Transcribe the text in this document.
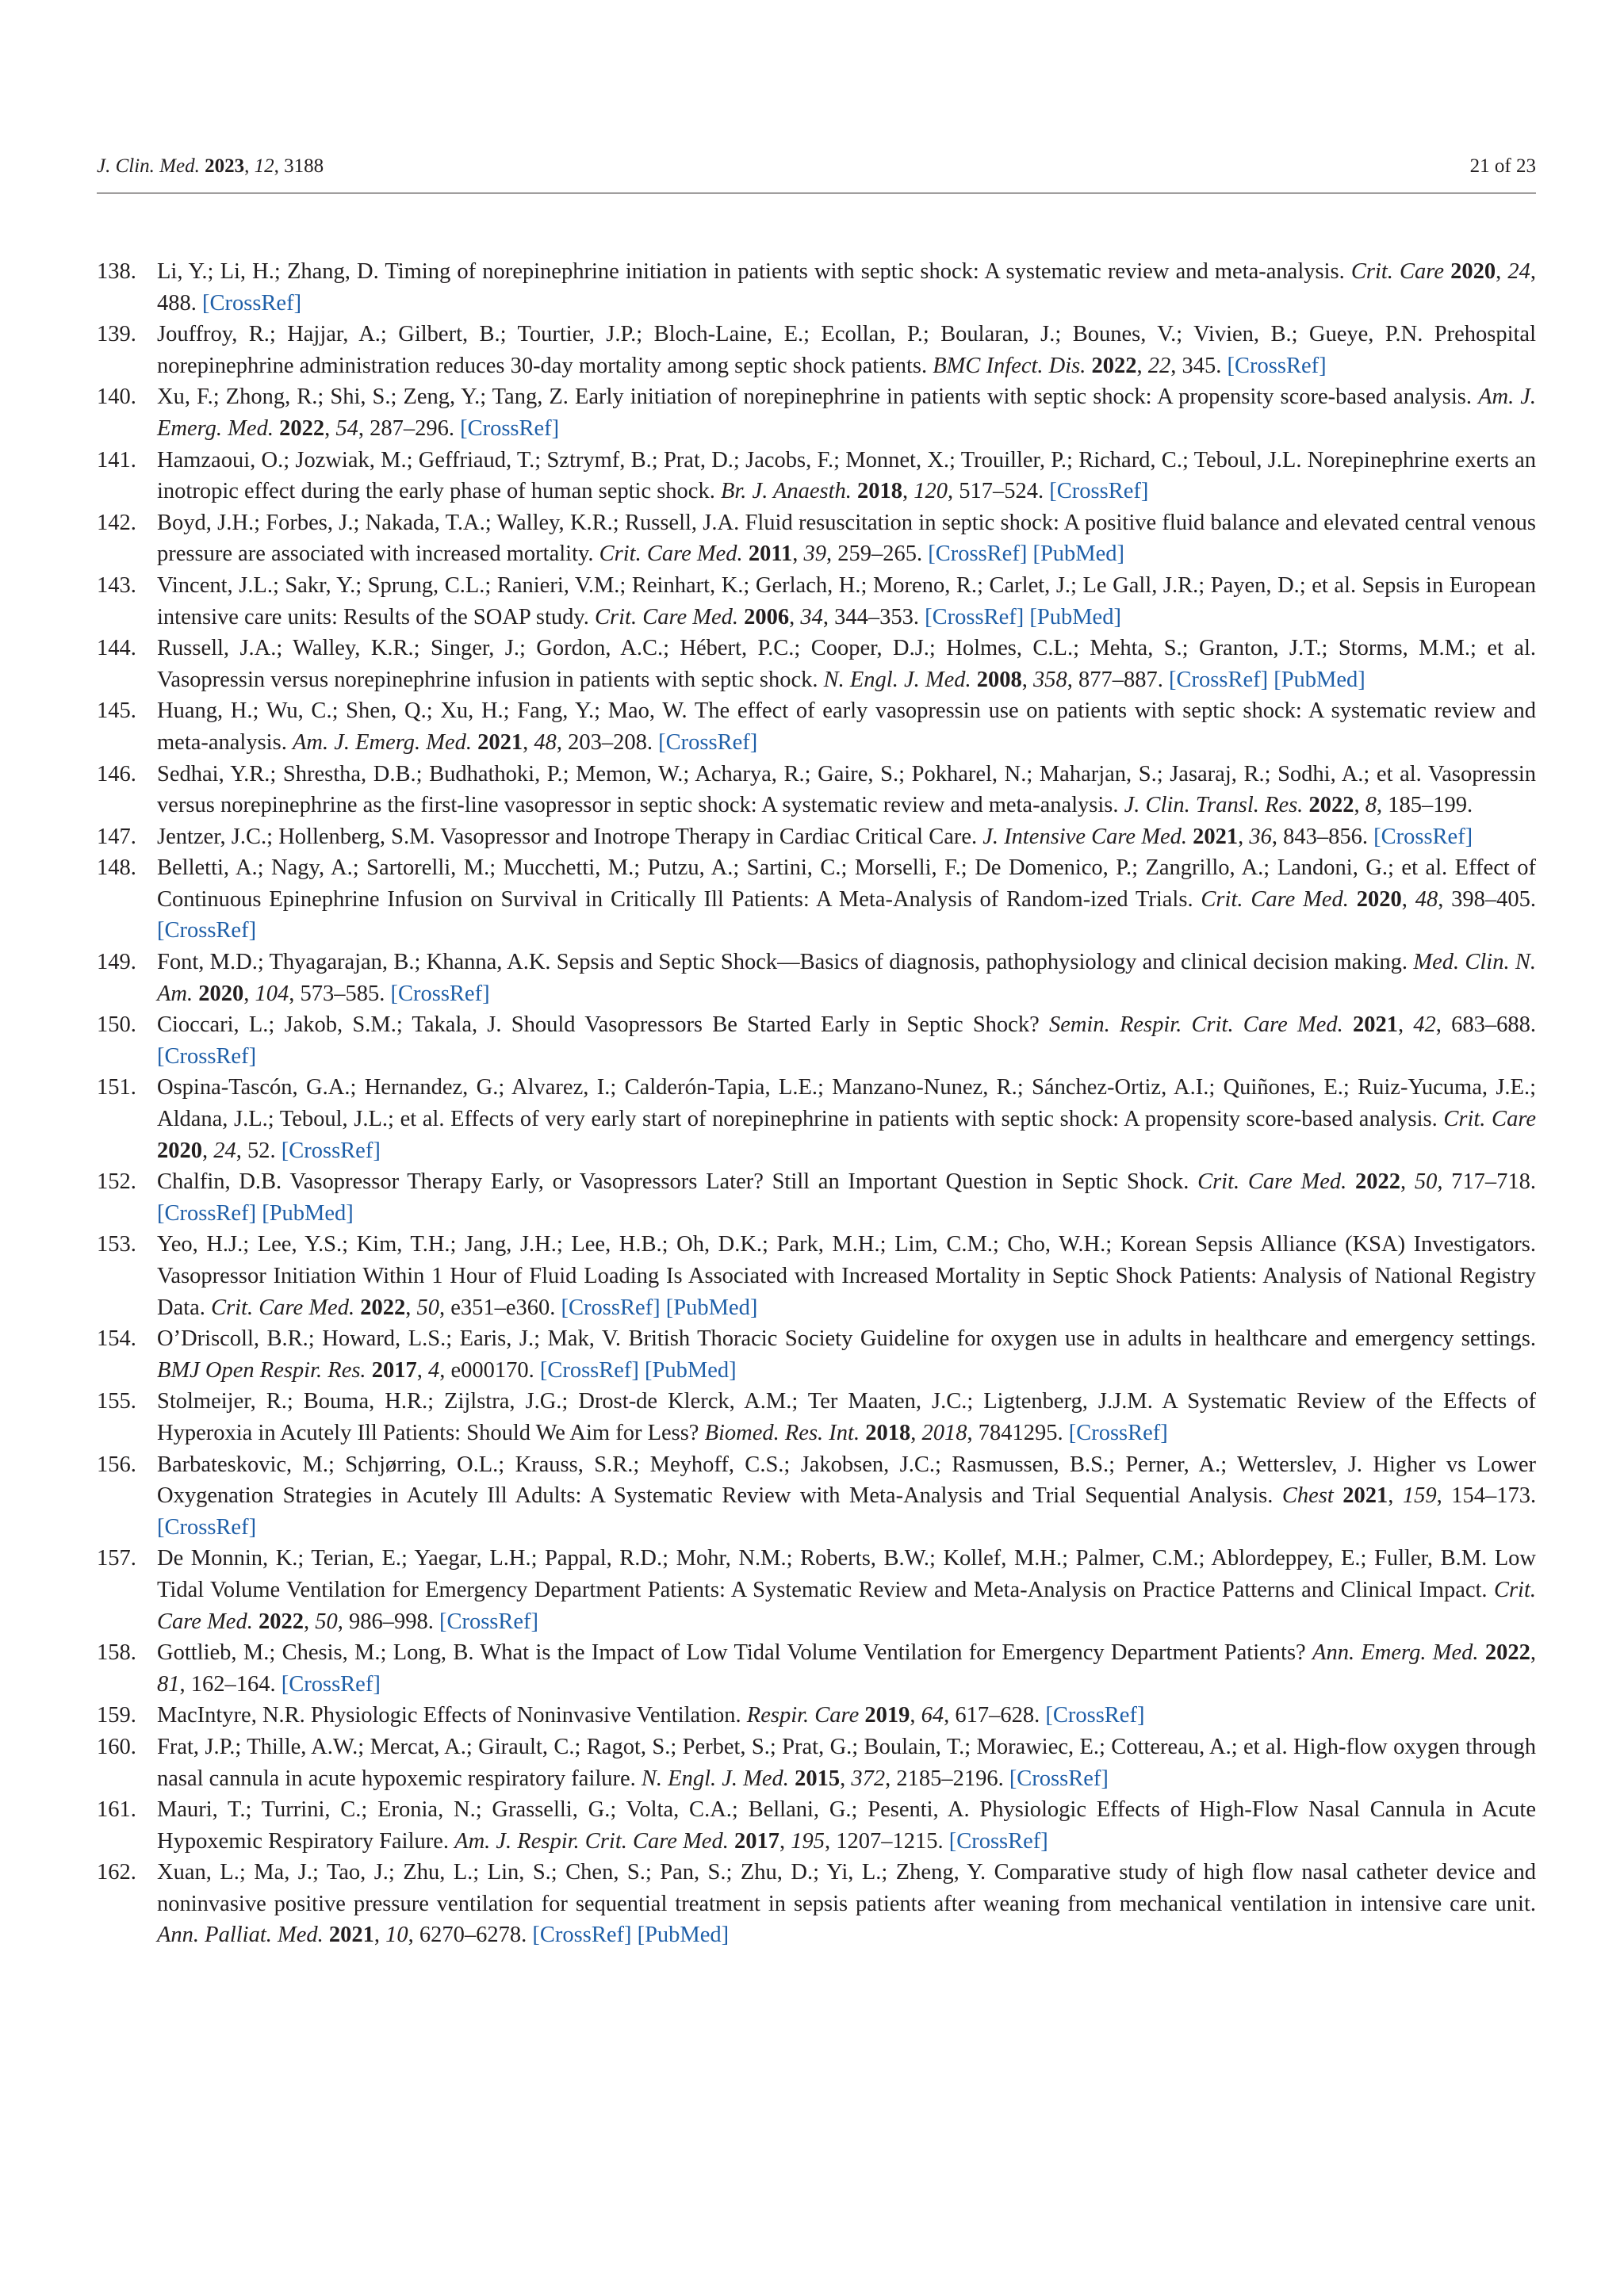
J. Clin. Med. 2023, 12, 3188	21 of 23
138. Li, Y.; Li, H.; Zhang, D. Timing of norepinephrine initiation in patients with septic shock: A systematic review and meta-analysis. Crit. Care 2020, 24, 488. [CrossRef]
139. Jouffroy, R.; Hajjar, A.; Gilbert, B.; Tourtier, J.P.; Bloch-Laine, E.; Ecollan, P.; Boularan, J.; Bounes, V.; Vivien, B.; Gueye, P.N. Prehospital norepinephrine administration reduces 30-day mortality among septic shock patients. BMC Infect. Dis. 2022, 22, 345. [CrossRef]
140. Xu, F.; Zhong, R.; Shi, S.; Zeng, Y.; Tang, Z. Early initiation of norepinephrine in patients with septic shock: A propensity score-based analysis. Am. J. Emerg. Med. 2022, 54, 287–296. [CrossRef]
141. Hamzaoui, O.; Jozwiak, M.; Geffriaud, T.; Sztrymf, B.; Prat, D.; Jacobs, F.; Monnet, X.; Trouiller, P.; Richard, C.; Teboul, J.L. Norepinephrine exerts an inotropic effect during the early phase of human septic shock. Br. J. Anaesth. 2018, 120, 517–524. [CrossRef]
142. Boyd, J.H.; Forbes, J.; Nakada, T.A.; Walley, K.R.; Russell, J.A. Fluid resuscitation in septic shock: A positive fluid balance and elevated central venous pressure are associated with increased mortality. Crit. Care Med. 2011, 39, 259–265. [CrossRef] [PubMed]
143. Vincent, J.L.; Sakr, Y.; Sprung, C.L.; Ranieri, V.M.; Reinhart, K.; Gerlach, H.; Moreno, R.; Carlet, J.; Le Gall, J.R.; Payen, D.; et al. Sepsis in European intensive care units: Results of the SOAP study. Crit. Care Med. 2006, 34, 344–353. [CrossRef] [PubMed]
144. Russell, J.A.; Walley, K.R.; Singer, J.; Gordon, A.C.; Hébert, P.C.; Cooper, D.J.; Holmes, C.L.; Mehta, S.; Granton, J.T.; Storms, M.M.; et al. Vasopressin versus norepinephrine infusion in patients with septic shock. N. Engl. J. Med. 2008, 358, 877–887. [CrossRef] [PubMed]
145. Huang, H.; Wu, C.; Shen, Q.; Xu, H.; Fang, Y.; Mao, W. The effect of early vasopressin use on patients with septic shock: A systematic review and meta-analysis. Am. J. Emerg. Med. 2021, 48, 203–208. [CrossRef]
146. Sedhai, Y.R.; Shrestha, D.B.; Budhathoki, P.; Memon, W.; Acharya, R.; Gaire, S.; Pokharel, N.; Maharjan, S.; Jasaraj, R.; Sodhi, A.; et al. Vasopressin versus norepinephrine as the first-line vasopressor in septic shock: A systematic review and meta-analysis. J. Clin. Transl. Res. 2022, 8, 185–199.
147. Jentzer, J.C.; Hollenberg, S.M. Vasopressor and Inotrope Therapy in Cardiac Critical Care. J. Intensive Care Med. 2021, 36, 843–856. [CrossRef]
148. Belletti, A.; Nagy, A.; Sartorelli, M.; Mucchetti, M.; Putzu, A.; Sartini, C.; Morselli, F.; De Domenico, P.; Zangrillo, A.; Landoni, G.; et al. Effect of Continuous Epinephrine Infusion on Survival in Critically Ill Patients: A Meta-Analysis of Random-ized Trials. Crit. Care Med. 2020, 48, 398–405. [CrossRef]
149. Font, M.D.; Thyagarajan, B.; Khanna, A.K. Sepsis and Septic Shock—Basics of diagnosis, pathophysiology and clinical decision making. Med. Clin. N. Am. 2020, 104, 573–585. [CrossRef]
150. Cioccari, L.; Jakob, S.M.; Takala, J. Should Vasopressors Be Started Early in Septic Shock? Semin. Respir. Crit. Care Med. 2021, 42, 683–688. [CrossRef]
151. Ospina-Tascón, G.A.; Hernandez, G.; Alvarez, I.; Calderón-Tapia, L.E.; Manzano-Nunez, R.; Sánchez-Ortiz, A.I.; Quiñones, E.; Ruiz-Yucuma, J.E.; Aldana, J.L.; Teboul, J.L.; et al. Effects of very early start of norepinephrine in patients with septic shock: A propensity score-based analysis. Crit. Care 2020, 24, 52. [CrossRef]
152. Chalfin, D.B. Vasopressor Therapy Early, or Vasopressors Later? Still an Important Question in Septic Shock. Crit. Care Med. 2022, 50, 717–718. [CrossRef] [PubMed]
153. Yeo, H.J.; Lee, Y.S.; Kim, T.H.; Jang, J.H.; Lee, H.B.; Oh, D.K.; Park, M.H.; Lim, C.M.; Cho, W.H.; Korean Sepsis Alliance (KSA) Investigators. Vasopressor Initiation Within 1 Hour of Fluid Loading Is Associated with Increased Mortality in Septic Shock Patients: Analysis of National Registry Data. Crit. Care Med. 2022, 50, e351–e360. [CrossRef] [PubMed]
154. O’Driscoll, B.R.; Howard, L.S.; Earis, J.; Mak, V. British Thoracic Society Guideline for oxygen use in adults in healthcare and emergency settings. BMJ Open Respir. Res. 2017, 4, e000170. [CrossRef] [PubMed]
155. Stolmeijer, R.; Bouma, H.R.; Zijlstra, J.G.; Drost-de Klerck, A.M.; Ter Maaten, J.C.; Ligtenberg, J.J.M. A Systematic Review of the Effects of Hyperoxia in Acutely Ill Patients: Should We Aim for Less? Biomed. Res. Int. 2018, 2018, 7841295. [CrossRef]
156. Barbateskovic, M.; Schjørring, O.L.; Krauss, S.R.; Meyhoff, C.S.; Jakobsen, J.C.; Rasmussen, B.S.; Perner, A.; Wetterslev, J. Higher vs Lower Oxygenation Strategies in Acutely Ill Adults: A Systematic Review with Meta-Analysis and Trial Sequential Analysis. Chest 2021, 159, 154–173. [CrossRef]
157. De Monnin, K.; Terian, E.; Yaegar, L.H.; Pappal, R.D.; Mohr, N.M.; Roberts, B.W.; Kollef, M.H.; Palmer, C.M.; Ablordeppey, E.; Fuller, B.M. Low Tidal Volume Ventilation for Emergency Department Patients: A Systematic Review and Meta-Analysis on Practice Patterns and Clinical Impact. Crit. Care Med. 2022, 50, 986–998. [CrossRef]
158. Gottlieb, M.; Chesis, M.; Long, B. What is the Impact of Low Tidal Volume Ventilation for Emergency Department Patients? Ann. Emerg. Med. 2022, 81, 162–164. [CrossRef]
159. MacIntyre, N.R. Physiologic Effects of Noninvasive Ventilation. Respir. Care 2019, 64, 617–628. [CrossRef]
160. Frat, J.P.; Thille, A.W.; Mercat, A.; Girault, C.; Ragot, S.; Perbet, S.; Prat, G.; Boulain, T.; Morawiec, E.; Cottereau, A.; et al. High-flow oxygen through nasal cannula in acute hypoxemic respiratory failure. N. Engl. J. Med. 2015, 372, 2185–2196. [CrossRef]
161. Mauri, T.; Turrini, C.; Eronia, N.; Grasselli, G.; Volta, C.A.; Bellani, G.; Pesenti, A. Physiologic Effects of High-Flow Nasal Cannula in Acute Hypoxemic Respiratory Failure. Am. J. Respir. Crit. Care Med. 2017, 195, 1207–1215. [CrossRef]
162. Xuan, L.; Ma, J.; Tao, J.; Zhu, L.; Lin, S.; Chen, S.; Pan, S.; Zhu, D.; Yi, L.; Zheng, Y. Comparative study of high flow nasal catheter device and noninvasive positive pressure ventilation for sequential treatment in sepsis patients after weaning from mechanical ventilation in intensive care unit. Ann. Palliat. Med. 2021, 10, 6270–6278. [CrossRef] [PubMed]
